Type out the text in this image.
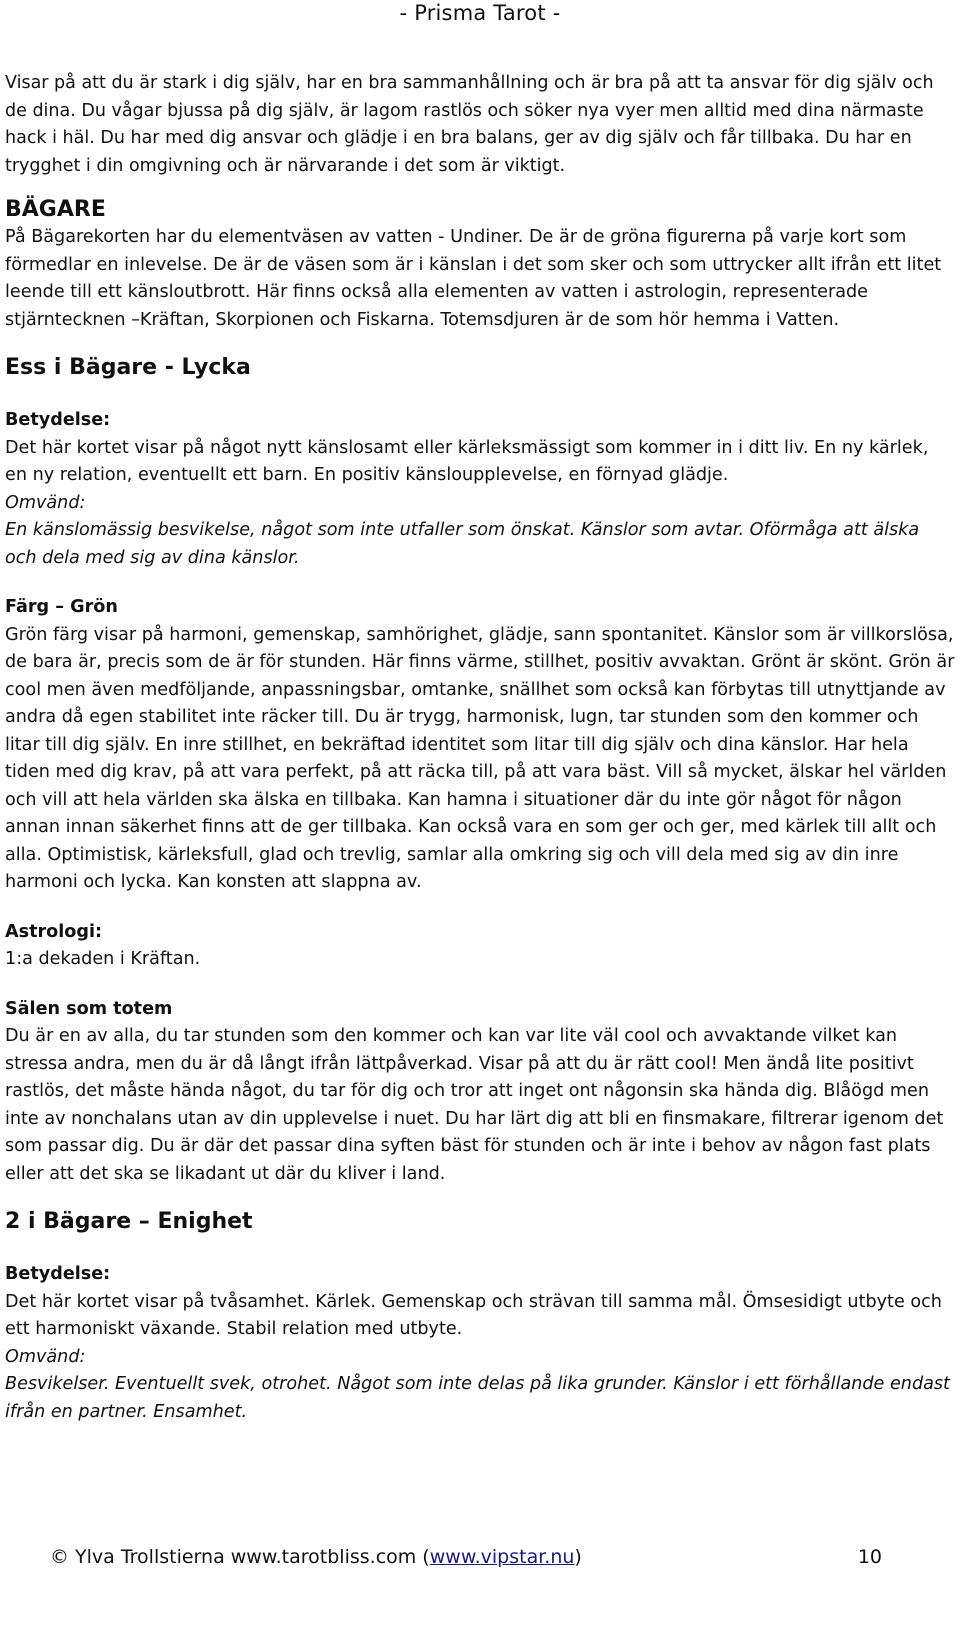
- Prisma Tarot -

Visar på att du är stark i dig själv, har en bra sammanhållning och är bra på att ta ansvar för dig själv och de dina. Du vågar bjussa på dig själv, är lagom rastlös och söker nya vyer men alltid med dina närmaste hack i häl. Du har med dig ansvar och glädje i en bra balans, ger av dig själv och får tillbaka. Du har en trygghet i din omgivning och är närvarande i det som är viktigt.

BÄGARE

På Bägarekorten har du elementväsen av vatten - Undiner. De är de gröna figurerna på varje kort som förmedlar en inlevelse. De är de väsen som är i känslan i det som sker och som uttrycker allt ifrån ett litet leende till ett känsloutbrott. Här finns också alla elementen av vatten i astrologin, representerade stjärntecknen –Kräftan, Skorpionen och Fiskarna. Totemsdjuren är de som hör hemma i Vatten.

Ess i Bägare - Lycka

Betydelse:

Det här kortet visar på något nytt känslosamt eller kärleksmässigt som kommer in i ditt liv. En ny kärlek, en ny relation, eventuellt ett barn. En positiv känsloupplevelse, en förnyad glädje.

Omvänd:

En känslomässig besvikelse, något som inte utfaller som önskat. Känslor som avtar. Oförmåga att älska och dela med sig av dina känslor.

Färg – Grön

Grön färg visar på harmoni, gemenskap, samhörighet, glädje, sann spontanitet. Känslor som är villkorslösa, de bara är, precis som de är för stunden. Här finns värme, stillhet, positiv avvaktan. Grönt är skönt. Grön är cool men även medföljande, anpassningsbar, omtanke, snällhet som också kan förbytas till utnyttjande av andra då egen stabilitet inte räcker till. Du är trygg, harmonisk, lugn, tar stunden som den kommer och litar till dig själv. En inre stillhet, en bekräftad identitet som litar till dig själv och dina känslor. Har hela tiden med dig krav, på att vara perfekt, på att räcka till, på att vara bäst. Vill så mycket, älskar hel världen och vill att hela världen ska älska en tillbaka. Kan hamna i situationer där du inte gör något för någon annan innan säkerhet finns att de ger tillbaka. Kan också vara en som ger och ger, med kärlek till allt och alla. Optimistisk, kärleksfull, glad och trevlig, samlar alla omkring sig och vill dela med sig av din inre harmoni och lycka. Kan konsten att slappna av.

Astrologi:

1:a dekaden i Kräftan.

Sälen som totem

Du är en av alla, du tar stunden som den kommer och kan var lite väl cool och avvaktande vilket kan stressa andra, men du är då långt ifrån lättpåverkad. Visar på att du är rätt cool! Men ändå lite positivt rastlös, det måste hända något, du tar för dig och tror att inget ont någonsin ska hända dig. Blåögd men inte av nonchalans utan av din upplevelse i nuet. Du har lärt dig att bli en finsmakare, filtrerar igenom det som passar dig. Du är där det passar dina syften bäst för stunden och är inte i behov av någon fast plats eller att det ska se likadant ut där du kliver i land.

2 i Bägare – Enighet

Betydelse:

Det här kortet visar på tvåsamhet. Kärlek. Gemenskap och strävan till samma mål. Ömsesidigt utbyte och ett harmoniskt växande. Stabil relation med utbyte.

Omvänd:

Besvikelser. Eventuellt svek, otrohet. Något som inte delas på lika grunder. Känslor i ett förhållande endast ifrån en partner. Ensamhet.

© Ylva Trollstierna www.tarotbliss.com (www.vipstar.nu)	10
